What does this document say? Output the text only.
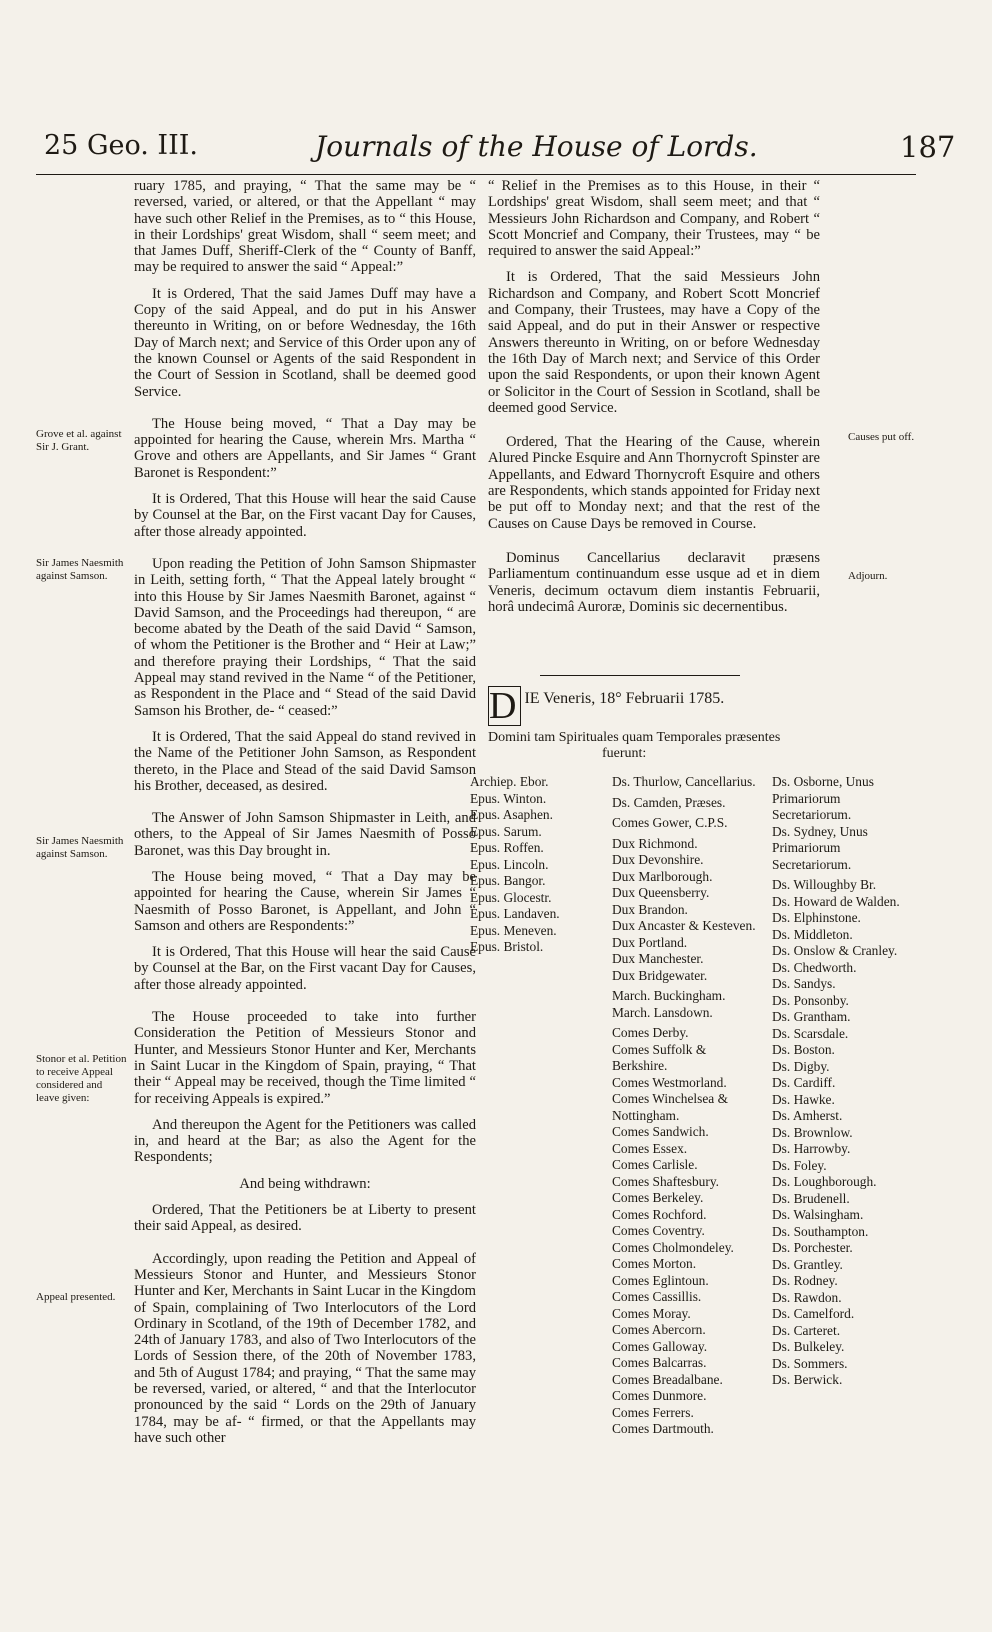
25 Geo. III.	Journals of the House of Lords.	187
Grove et al. against Sir J. Grant.
Sir James Naesmith against Samson.
Sir James Naesmith against Samson.
Stonor et al. Petition to receive Appeal considered and leave given:
Appeal presented.
Causes put off.
Adjourn.

ruary 1785, and praying, “ That the same may be “ reversed, varied, or altered, or that the Appellant “ may have such other Relief in the Premises, as to “ this House, in their Lordships' great Wisdom, shall “ seem meet; and that James Duff, Sheriff-Clerk of the “ County of Banff, may be required to answer the said “ Appeal:”

It is Ordered, That the said James Duff may have a Copy of the said Appeal, and do put in his Answer thereunto in Writing, on or before Wednesday, the 16th Day of March next; and Service of this Order upon any of the known Counsel or Agents of the said Respondent in the Court of Session in Scotland, shall be deemed good Service.

The House being moved, “ That a Day may be appointed for hearing the Cause, wherein Mrs. Martha “ Grove and others are Appellants, and Sir James “ Grant Baronet is Respondent:”

It is Ordered, That this House will hear the said Cause by Counsel at the Bar, on the First vacant Day for Causes, after those already appointed.

Upon reading the Petition of John Samson Shipmaster in Leith, setting forth, “ That the Appeal lately brought “ into this House by Sir James Naesmith Baronet, against “ David Samson, and the Proceedings had thereupon, “ are become abated by the Death of the said David “ Samson, of whom the Petitioner is the Brother and “ Heir at Law;” and therefore praying their Lordships, “ That the said Appeal may stand revived in the Name “ of the Petitioner, as Respondent in the Place and “ Stead of the said David Samson his Brother, de- “ ceased:”

It is Ordered, That the said Appeal do stand revived in the Name of the Petitioner John Samson, as Respondent thereto, in the Place and Stead of the said David Samson his Brother, deceased, as desired.

The Answer of John Samson Shipmaster in Leith, and others, to the Appeal of Sir James Naesmith of Posso Baronet, was this Day brought in.

The House being moved, “ That a Day may be appointed for hearing the Cause, wherein Sir James “ Naesmith of Posso Baronet, is Appellant, and John “ Samson and others are Respondents:”

It is Ordered, That this House will hear the said Cause by Counsel at the Bar, on the First vacant Day for Causes, after those already appointed.

The House proceeded to take into further Consideration the Petition of Messieurs Stonor and Hunter, and Messieurs Stonor Hunter and Ker, Merchants in Saint Lucar in the Kingdom of Spain, praying, “ That their “ Appeal may be received, though the Time limited “ for receiving Appeals is expired.”

And thereupon the Agent for the Petitioners was called in, and heard at the Bar; as also the Agent for the Respondents;

And being withdrawn:

Ordered, That the Petitioners be at Liberty to present their said Appeal, as desired.

Accordingly, upon reading the Petition and Appeal of Messieurs Stonor and Hunter, and Messieurs Stonor Hunter and Ker, Merchants in Saint Lucar in the Kingdom of Spain, complaining of Two Interlocutors of the Lord Ordinary in Scotland, of the 19th of December 1782, and 24th of January 1783, and also of Two Interlocutors of the Lords of Session there, of the 20th of November 1783, and 5th of August 1784; and praying, “ That the same may be reversed, varied, or altered, “ and that the Interlocutor pronounced by the said “ Lords on the 29th of January 1784, may be af- “ firmed, or that the Appellants may have such other

“ Relief in the Premises as to this House, in their “ Lordships' great Wisdom, shall seem meet; and that “ Messieurs John Richardson and Company, and Robert “ Scott Moncrief and Company, their Trustees, may “ be required to answer the said Appeal:”

It is Ordered, That the said Messieurs John Richardson and Company, and Robert Scott Moncrief and Company, their Trustees, may have a Copy of the said Appeal, and do put in their Answer or respective Answers thereunto in Writing, on or before Wednesday the 16th Day of March next; and Service of this Order upon the said Respondents, or upon their known Agent or Solicitor in the Court of Session in Scotland, shall be deemed good Service.

Ordered, That the Hearing of the Cause, wherein Alured Pincke Esquire and Ann Thornycroft Spinster are Appellants, and Edward Thornycroft Esquire and others are Respondents, which stands appointed for Friday next be put off to Monday next; and that the rest of the Causes on Cause Days be removed in Course.

Dominus Cancellarius declaravit præsens Parliamentum continuandum esse usque ad et in diem Veneris, decimum octavum diem instantis Februarii, horâ undecimâ Auroræ, Dominis sic decernentibus.

D IE Veneris, 18° Februarii 1785.
Domini tam Spirituales quam Temporales præsentes
fuerunt:
Archiep. Ebor.
Epus. Winton.
Epus. Asaphen.
Epus. Sarum.
Epus. Roffen.
Epus. Lincoln.
Epus. Bangor.
Epus. Glocestr.
Epus. Landaven.
Epus. Meneven.
Epus. Bristol.
Ds. Thurlow, Cancellarius.
Ds. Camden, Præses.
Comes Gower, C.P.S.
Dux Richmond.
Dux Devonshire.
Dux Marlborough.
Dux Queensberry.
Dux Brandon.
Dux Ancaster & Kesteven.
Dux Portland.
Dux Manchester.
Dux Bridgewater.
March. Buckingham.
March. Lansdown.
Comes Derby.
Comes Suffolk & Berkshire.
Comes Westmorland.
Comes Winchelsea & Nottingham.
Comes Sandwich.
Comes Essex.
Comes Carlisle.
Comes Shaftesbury.
Comes Berkeley.
Comes Rochford.
Comes Coventry.
Comes Cholmondeley.
Comes Morton.
Comes Eglintoun.
Comes Cassillis.
Comes Moray.
Comes Abercorn.
Comes Galloway.
Comes Balcarras.
Comes Breadalbane.
Comes Dunmore.
Comes Ferrers.
Comes Dartmouth.
Ds. Osborne, Unus Primariorum Secretariorum.
Ds. Sydney, Unus Primariorum Secretariorum.
Ds. Willoughby Br.
Ds. Howard de Walden.
Ds. Elphinstone.
Ds. Middleton.
Ds. Onslow & Cranley.
Ds. Chedworth.
Ds. Sandys.
Ds. Ponsonby.
Ds. Grantham.
Ds. Scarsdale.
Ds. Boston.
Ds. Digby.
Ds. Cardiff.
Ds. Hawke.
Ds. Amherst.
Ds. Brownlow.
Ds. Harrowby.
Ds. Foley.
Ds. Loughborough.
Ds. Brudenell.
Ds. Walsingham.
Ds. Southampton.
Ds. Porchester.
Ds. Grantley.
Ds. Rodney.
Ds. Rawdon.
Ds. Camelford.
Ds. Carteret.
Ds. Bulkeley.
Ds. Sommers.
Ds. Berwick.
